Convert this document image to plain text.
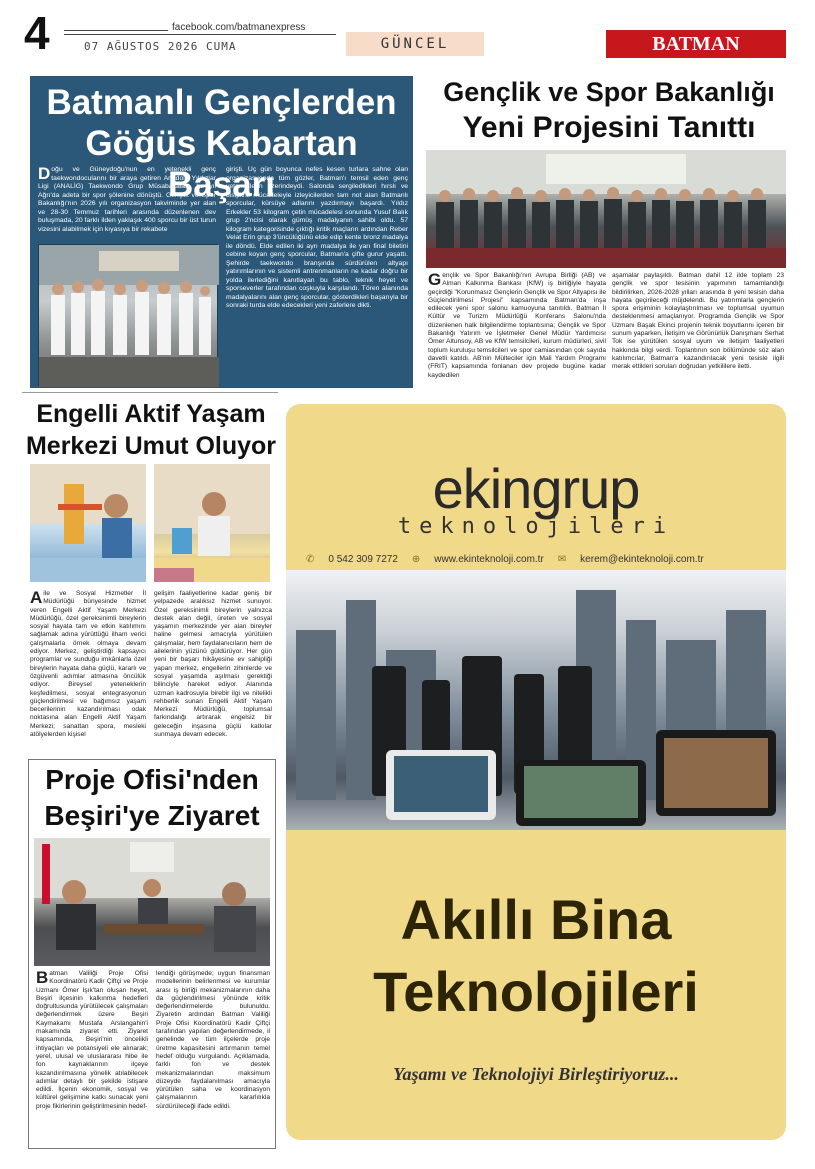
4	facebook.com/batmanexpress
07 AĞUSTOS 2026 CUMA	GÜNCEL	BATMAN EXPRESS
Batmanlı Gençlerden
Göğüs Kabartan Başarı
Doğu ve Güneydoğu'nun en yetenekli genç taekwondocularını bir araya getiren Anadolu Yıldızlar Ligi (ANALİG) Taekwondo Grup Müsabakaları, bu yıl Ağrı'da adeta bir spor şölenine dönüştü. Gençlik ve Spor Bakanlığı'nın 2026 yılı organizasyon takviminde yer alan ve 28-30 Temmuz tarihleri arasında düzenlenen dev buluşmada, 20 farklı ilden yaklaşık 400 sporcu bir üst turun vizesini alabilmek için kıyasıya bir rekabete
girişti. Üç gün boyunca nefes kesen turlara sahne olan organizasyonda tüm gözler, Batman'ı temsil eden genç yeteneklerin üzerindeydi. Salonda sergiledikleri hırslı ve disiplinli mücadeleyle izleyicilerden tam not alan Batmanlı sporcular, kürsüye adlarını yazdırmayı başardı. Yıldız Erkekler 53 kilogram çetin mücadelesi sonunda Yusuf Balık grup 2'ncisi olarak gümüş madalyanın sahibi oldu. 57 kilogram kategorisinde çıktığı kritik maçların ardından Reber Velat Erin grup 3'üncülüğünü elde edip kente bronz madalya ile döndü. Elde edilen iki ayrı madalya ile yarı final biletini cebine koyan genç sporcular, Batman'a çifte gurur yaşattı. Şehirde taekwondo branşında sürdürülen altyapı yatırımlarının ve sistemli antrenmanların ne kadar doğru bir yolda ilerlediğini kanıtlayan bu tablo, teknik heyet ve sporseverler tarafından coşkuyla karşılandı. Tören alanında madalyalarını alan genç sporcular, gösterdikleri başarıyla bir sonraki turda elde edecekleri yeni zaferlere dikti.
Gençlik ve Spor Bakanlığı
Yeni Projesini Tanıttı
Gençlik ve Spor Bakanlığı'nın Avrupa Birliği (AB) ve Alman Kalkınma Bankası (KfW) iş birliğiyle hayata geçirdiği "Korunmasız Gençlerin Gençlik ve Spor Altyapısı ile Güçlendirilmesi Projesi" kapsamında Batman'da inşa edilecek yeni spor salonu kamuoyuna tanıtıldı. Batman İl Kültür ve Turizm Müdürlüğü Konferans Salonu'nda düzenlenen halk bilgilendirme toplantısına; Gençlik ve Spor Bakanlığı Yatırım ve İşletmeler Genel Müdür Yardımcısı Ömer Altunsoy, AB ve KfW temsilcileri, kurum müdürleri, sivil toplum kuruluşu temsilcileri ve spor camiasından çok sayıda davetli katıldı. AB'nin Mülteciler için Mali Yardım Programı (FRIT) kapsamında fonlanan dev projede bugüne kadar kaydedilen
aşamalar paylaşıldı. Batman dahil 12 ilde toplam 23 gençlik ve spor tesisinin yapımının tamamlandığı bildirilirken, 2026-2028 yılları arasında 8 yeni tesisin daha hayata geçirileceği müjdelendi. Bu yatırımlarla gençlerin spora erişiminin kolaylaştırılması ve toplumsal uyumun desteklenmesi amaçlanıyor. Programda Gençlik ve Spor Uzmanı Başak Ekinci projenin teknik boyutlarını içeren bir sunum yaparken, İletişim ve Görünürlük Danışmanı Serhat Tok ise yürütülen sosyal uyum ve iletişim faaliyetleri hakkında bilgi verdi. Toplantının son bölümünde söz alan katılımcılar, Batman'a kazandırılacak yeni tesisle ilgili merak ettikleri soruları doğrudan yetkililere iletti.
Engelli Aktif Yaşam
Merkezi Umut Oluyor
Aile ve Sosyal Hizmetler İl Müdürlüğü bünyesinde hizmet veren Engelli Aktif Yaşam Merkezi Müdürlüğü, özel gereksinimli bireylerin sosyal hayata tam ve etkin katılımını sağlamak adına yürüttüğü ilham verici çalışmalarla örnek olmaya devam ediyor. Merkez, geliştirdiği kapsayıcı programlar ve sunduğu imkânlarla özel bireylerin hayata daha güçlü, kararlı ve özgüvenli adımlar atmasına öncülük ediyor. Bireysel yeteneklerin keşfedilmesi, sosyal entegrasyonun güçlendirilmesi ve bağımsız yaşam becerilerinin kazandırılması odak noktasına alan Engelli Aktif Yaşam Merkezi; sanattan spora, mesleki atölyelerden kişisel
gelişim faaliyetlerine kadar geniş bir yelpazede aralıksız hizmet sunuyor. Özel gereksinimli bireylerin yalnızca destek alan değil, üreten ve sosyal yaşamın merkezinde yer alan bireyler haline gelmesi amacıyla yürütülen çalışmalar, hem faydalanıcıların hem de ailelerinin yüzünü güldürüyor. Her gün yeni bir başarı hikâyesine ev sahipliği yapan merkez, engellerin zihinlerde ve sosyal yaşamda aşılması gerektiği bilinciyle hareket ediyor. Alanında uzman kadrosuyla birebir ilgi ve nitelikli rehberlik sunan Engelli Aktif Yaşam Merkezi Müdürlüğü, toplumsal farkındalığı artırarak engelsiz bir geleceğin inşasına güçlü katkılar sunmaya devam edecek.
Proje Ofisi'nden
Beşiri'ye Ziyaret
Batman Valiliği Proje Ofisi Koordinatörü Kadir Çiftçi ve Proje Uzmanı Ömer Işık'tan oluşan heyet, Beşiri ilçesinin kalkınma hedefleri doğrultusunda yürütülecek çalışmaları değerlendirmek üzere Beşiri Kaymakamı Mustafa Arslangahin'i makamında ziyaret etti. Ziyaret kapsamında, Beşiri'nin öncelikli ihtiyaçları ve potansiyeli ele alınarak; yerel, ulusal ve uluslararası hibe ile fon kaynaklarının ilçeye kazandırılmasına yönelik atılabilecek adımlar detaylı bir şekilde istişare edildi. İlçenin ekonomik, sosyal ve kültürel gelişimine katkı sunacak yeni proje fikirlerinin geliştirilmesinin hedef-
lendiği görüşmede; uygun finansman modellerinin belirlenmesi ve kurumlar arası iş birliği mekanizmalarının daha da güçlendirilmesi yönünde kritik değerlendirmelerde bulunuldu. Ziyaretin ardından Batman Valiliği Proje Ofisi Koordinatörü Kadir Çiftçi tarafından yapılan değerlendirmede, il genelinde ve tüm ilçelerde proje üretme kapasitesini artırmanın temel hedef olduğu vurgulandı. Açıklamada, farklı fon ve destek mekanizmalarından maksimum düzeyde faydalanılması amacıyla yürütülen saha ve koordinasyon çalışmalarının kararlılıkla sürdürüleceği ifade edildi.
ekingrup
teknolojileri
✆ 0 542 309 7272 ⊕ www.ekinteknoloji.com.tr ✉ kerem@ekinteknoloji.com.tr
Akıllı Bina
Teknolojileri
Yaşamı ve Teknolojiyi Birleştiriyoruz...
